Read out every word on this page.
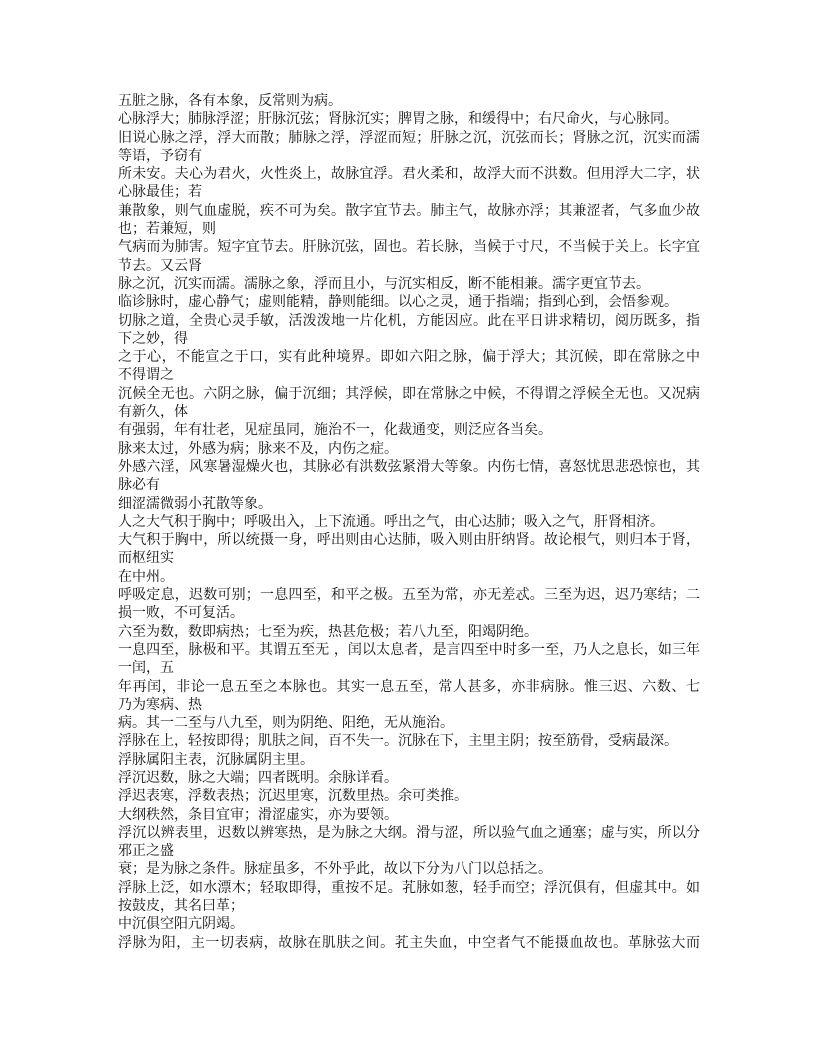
五脏之脉，各有本象，反常则为病。
心脉浮大；肺脉浮涩；肝脉沉弦；肾脉沉实；脾胃之脉，和缓得中；右尺命火，与心脉同。
旧说心脉之浮，浮大而散；肺脉之浮，浮涩而短；肝脉之沉，沉弦而长；肾脉之沉，沉实而濡
等语，予窃有
所未安。夫心为君火，火性炎上，故脉宜浮。君火柔和，故浮大而不洪数。但用浮大二字，状
心脉最佳；若
兼散象，则气血虚脱，疾不可为矣。散字宜节去。肺主气，故脉亦浮；其兼涩者，气多血少故
也；若兼短，则
气病而为肺害。短字宜节去。肝脉沉弦，固也。若长脉，当候于寸尺，不当候于关上。长字宜
节去。又云肾
脉之沉，沉实而濡。濡脉之象，浮而且小，与沉实相反，断不能相兼。濡字更宜节去。
临诊脉时，虚心静气；虚则能精，静则能细。以心之灵，通于指端；指到心到，会悟参观。
切脉之道，全贵心灵手敏，活泼泼地一片化机，方能因应。此在平日讲求精切，阅历既多，指
下之妙，得
之于心，不能宣之于口，实有此种境界。即如六阳之脉，偏于浮大；其沉候，即在常脉之中
不得谓之
沉候全无也。六阴之脉，偏于沉细；其浮候，即在常脉之中候，不得谓之浮候全无也。又况病
有新久，体
有强弱，年有壮老，见症虽同，施治不一，化裁通变，则泛应各当矣。
脉来太过，外感为病；脉来不及，内伤之症。
外感六淫，风寒暑湿燥火也，其脉必有洪数弦紧滑大等象。内伤七情，喜怒忧思悲恐惊也，其
脉必有
细涩濡微弱小芤散等象。
人之大气积于胸中；呼吸出入，上下流通。呼出之气，由心达肺；吸入之气，肝肾相济。
大气积于胸中，所以统摄一身，呼出则由心达肺，吸入则由肝纳肾。故论根气，则归本于肾，
而枢纽实
在中州。
呼吸定息，迟数可别；一息四至，和平之极。五至为常，亦无差忒。三至为迟，迟乃寒结；二
损一败，不可复活。
六至为数，数即病热；七至为疾，热甚危极；若八九至，阳竭阴绝。
一息四至，脉极和平。其谓五至无 ，闰以太息者，是言四至中时多一至，乃人之息长，如三年
一闰，五
年再闰，非论一息五至之本脉也。其实一息五至，常人甚多，亦非病脉。惟三迟、六数、七
乃为寒病、热
病。其一二至与八九至，则为阴绝、阳绝，无从施治。
浮脉在上，轻按即得；肌肤之间，百不失一。沉脉在下，主里主阴；按至筋骨，受病最深。
浮脉属阳主表，沉脉属阴主里。
浮沉迟数，脉之大端；四者既明。余脉详看。
浮迟表寒，浮数表热；沉迟里寒，沉数里热。余可类推。
大纲秩然，条目宜审；滑涩虚实，亦为要领。
浮沉以辨表里，迟数以辨寒热，是为脉之大纲。滑与涩，所以验气血之通塞；虚与实，所以分
邪正之盛
衰；是为脉之条件。脉症虽多，不外乎此，故以下分为八门以总括之。
浮脉上泛，如水漂木；轻取即得，重按不足。芤脉如葱，轻手而空；浮沉俱有，但虚其中。如
按鼓皮，其名曰革；
中沉俱空阳亢阴竭。
浮脉为阳，主一切表病，故脉在肌肤之间。芤主失血，中空者气不能摄血故也。革脉弦大而
